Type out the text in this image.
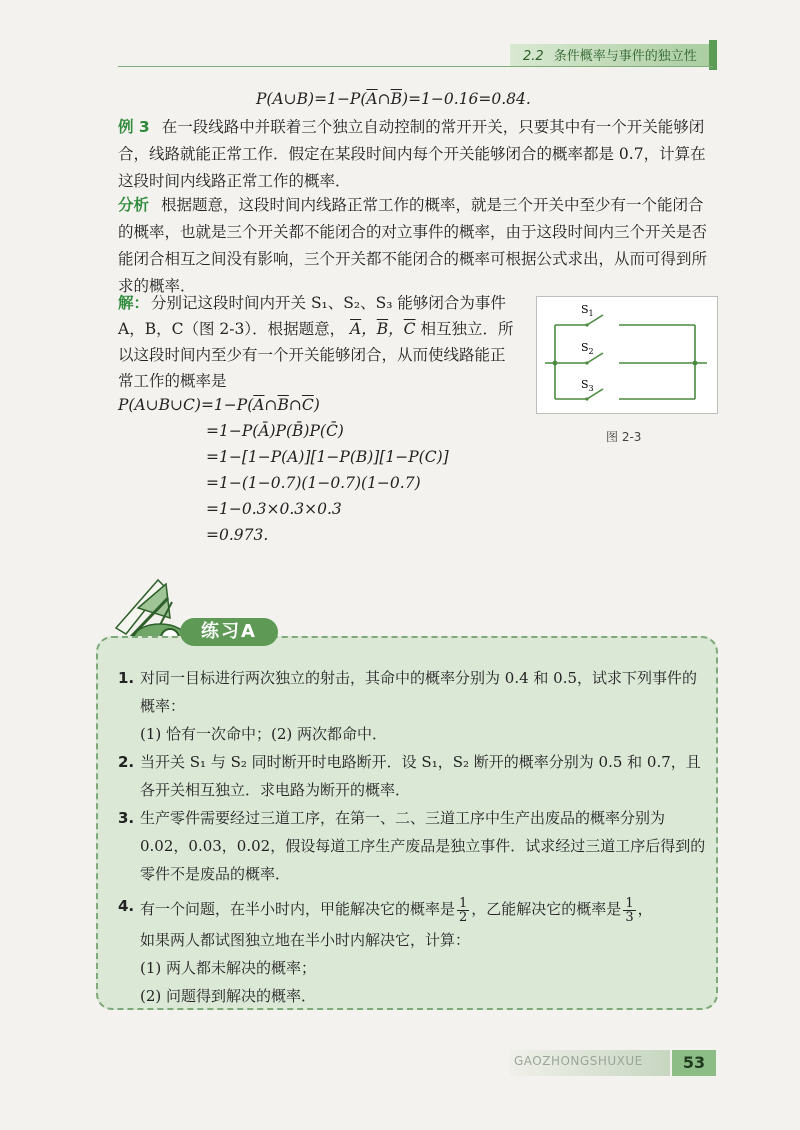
2.2 条件概率与事件的独立性
$P(A\cup B)=1-P(\overline{A}\cap\overline{B})=1-0.16=0.84$.
例 3 在一段线路中并联着三个独立自动控制的常开开关，只要其中有一个开关能够闭合，线路就能正常工作．假定在某段时间内每个开关能够闭合的概率都是 0.7，计算在这段时间内线路正常工作的概率．
分析 根据题意，这段时间内线路正常工作的概率，就是三个开关中至少有一个能闭合的概率，也就是三个开关都不能闭合的对立事件的概率，由于这段时间内三个开关是否能闭合相互之间没有影响，三个开关都不能闭合的概率可根据公式求出，从而可得到所求的概率．
解： 分别记这段时间内开关 S₁、S₂、S₃ 能够闭合为事件 A，B，C（图 2-3）．根据题意， $\overline{A}$，$\overline{B}$，$\overline{C}$ 相互独立．所以这段时间内至少有一个开关能够闭合，从而使线路能正常工作的概率是
$P(A\cup B\cup C)=1-P(\overline{A}\cap\overline{B}\cap\overline{C})$
=1−P(Ā)P(B̄)P(C̄)
=1−[1−P(A)][1−P(B)][1−P(C)]
=1−(1−0.7)(1−0.7)(1−0.7)
=1−0.3×0.3×0.3
=0.973.
$S_1$
$S_2$
$S_3$
图 2-3
练习A
1. 对同一目标进行两次独立的射击，其命中的概率分别为 0.4 和 0.5，试求下列事件的概率：
(1) 恰有一次命中；(2) 两次都命中．
2. 当开关 S₁ 与 S₂ 同时断开时电路断开．设 S₁，S₂ 断开的概率分别为 0.5 和 0.7，且各开关相互独立．求电路为断开的概率．
3. 生产零件需要经过三道工序，在第一、二、三道工序中生产出废品的概率分别为 0.02，0.03，0.02，假设每道工序生产废品是独立事件．试求经过三道工序后得到的零件不是废品的概率．
4. 有一个问题，在半小时内，甲能解决它的概率是 $\frac{1}{2}$ ，乙能解决它的概率是 $\frac{1}{3}$ ，
如果两人都试图独立地在半小时内解决它，计算：
(1) 两人都未解决的概率；
(2) 问题得到解决的概率．
GAOZHONGSHUXUE	53
